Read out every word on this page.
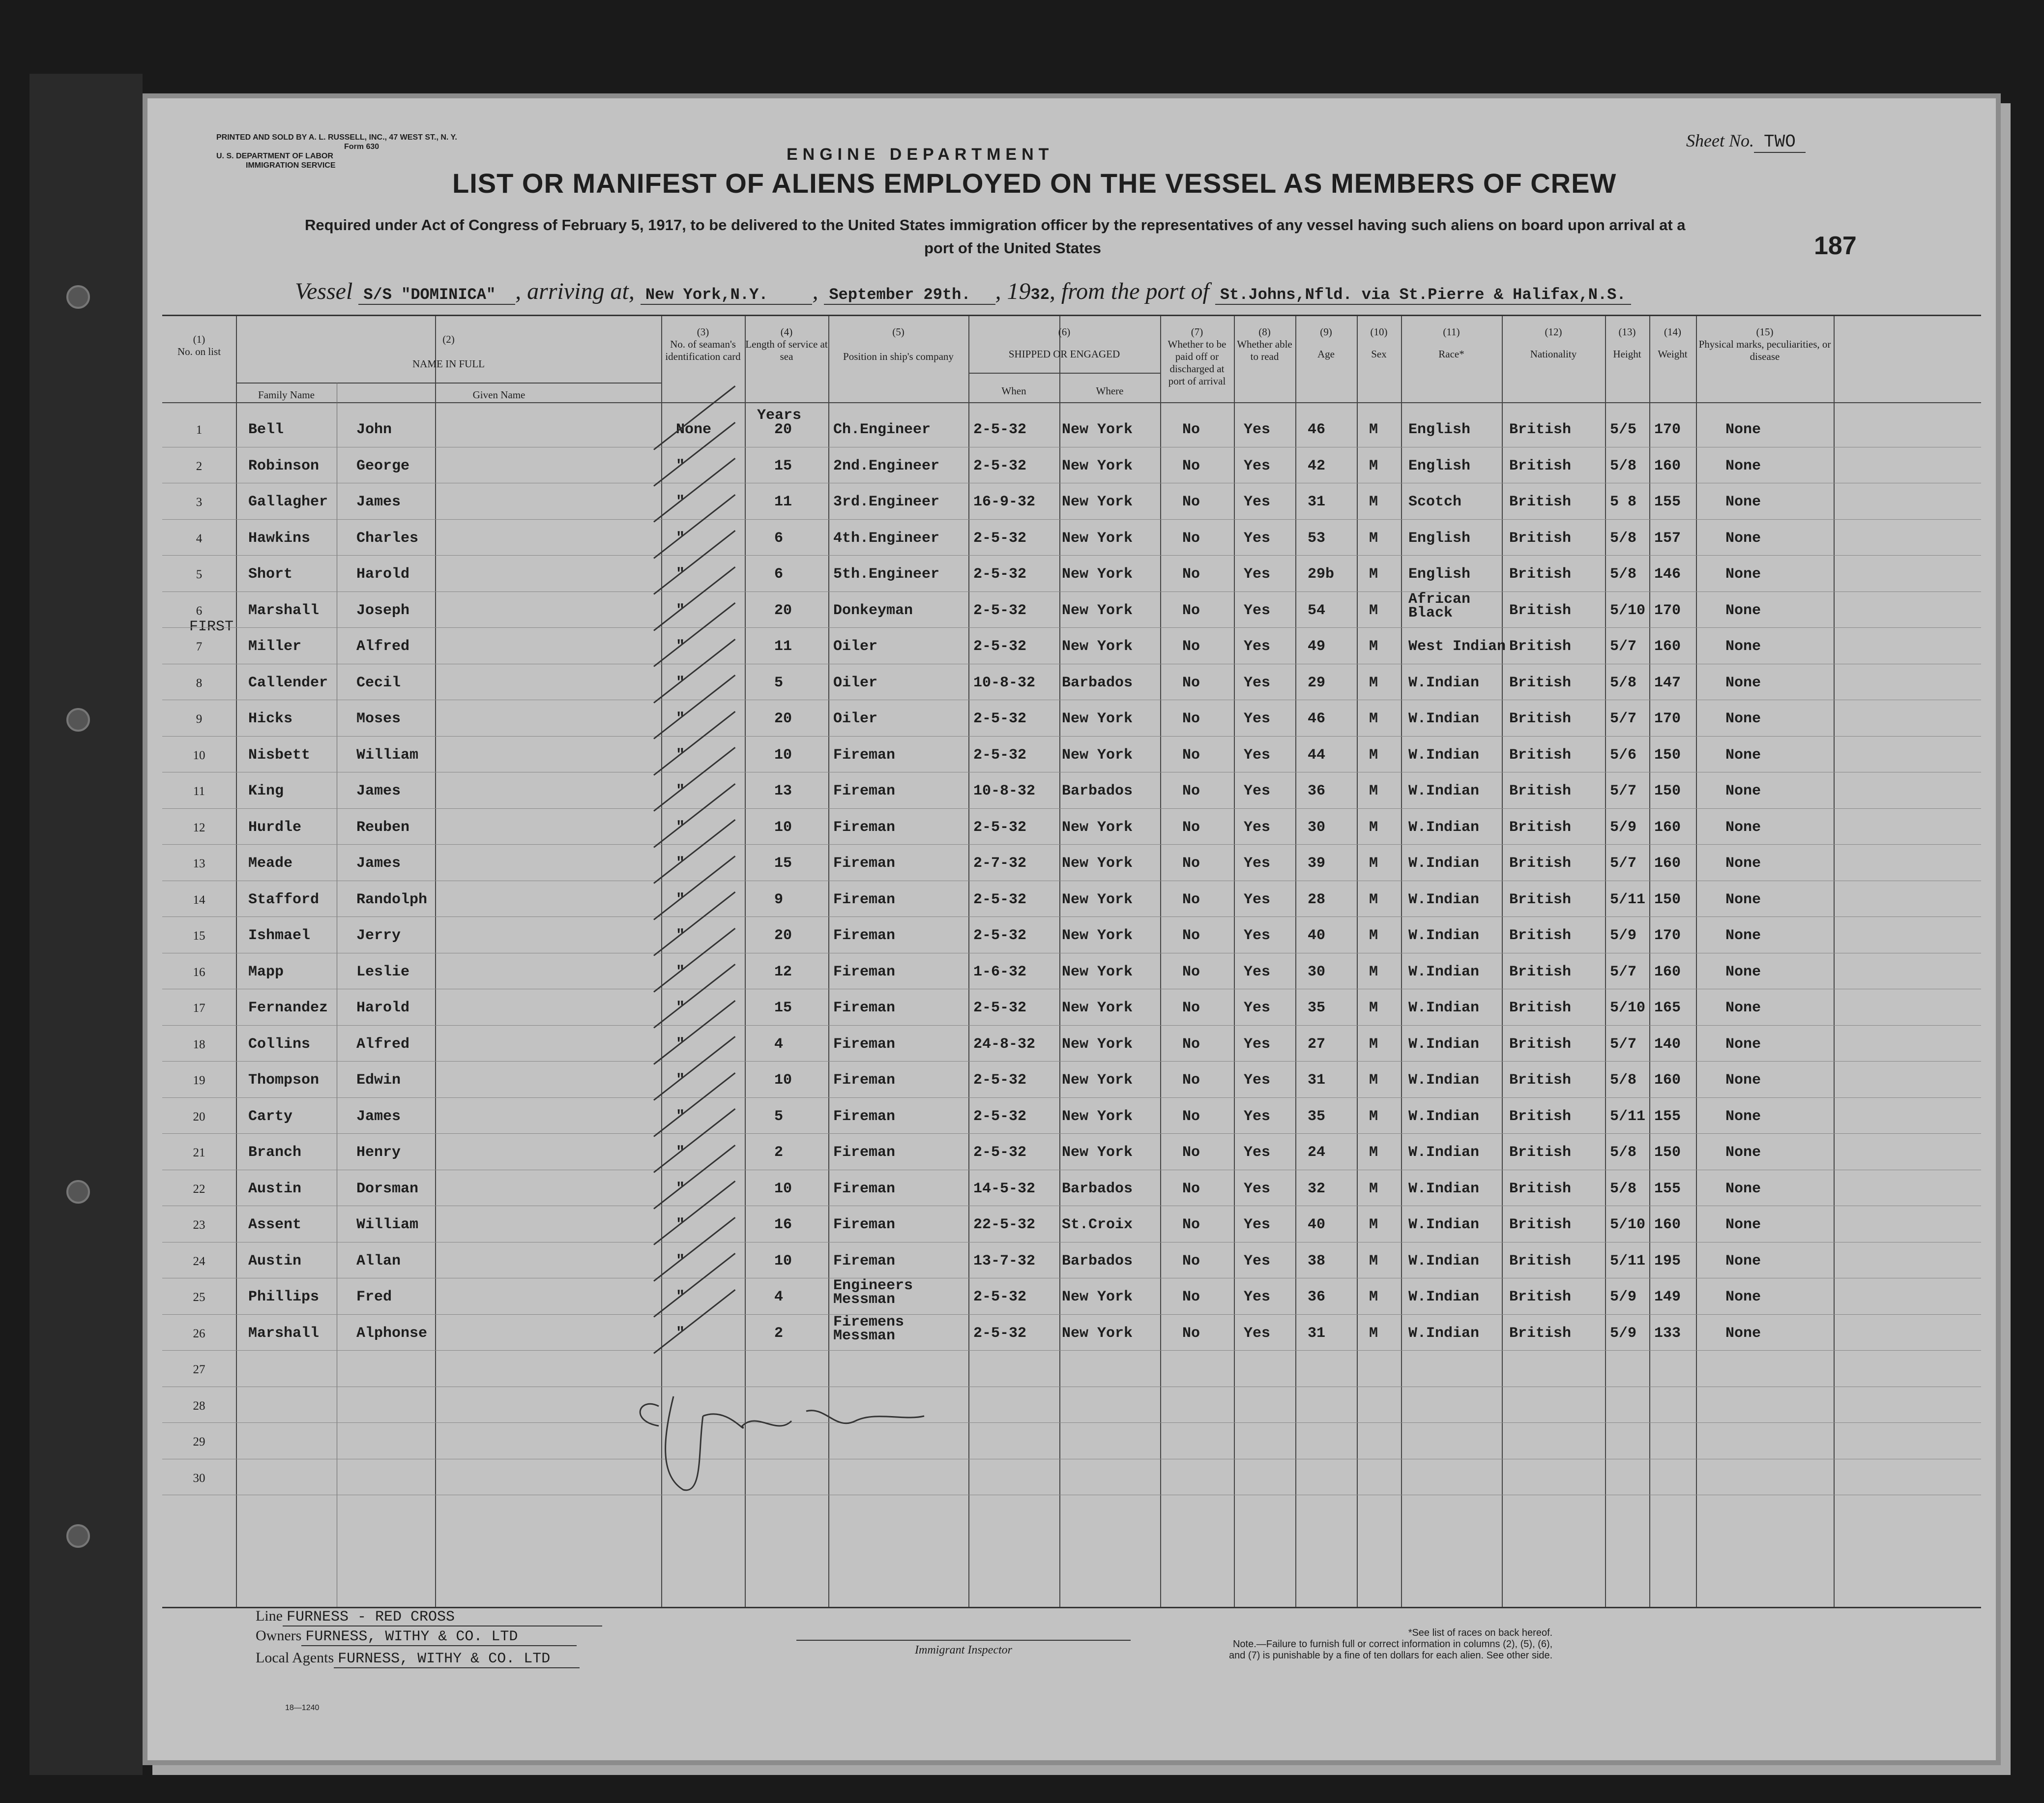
PRINTED AND SOLD BY A. L. RUSSELL, INC., 47 WEST ST., N. Y.
Form 630
U. S. DEPARTMENT OF LABOR
IMMIGRATION SERVICE
Sheet No. TWO
ENGINE DEPARTMENT
LIST OR MANIFEST OF ALIENS EMPLOYED ON THE VESSEL AS MEMBERS OF CREW
Required under Act of Congress of February 5, 1917, to be delivered to the United States immigration officer by the representatives of any vessel having such aliens on board upon arrival at a
port of the United States	187
Vessel S/S "DOMINICA" , arriving at, New York,N.Y. , September 29th. , 1932, from the port of St.Johns,Nfld. via St.Pierre & Halifax,N.S.
(1)
No. on list
(2)
NAME IN FULL
Family Name	Given Name
(3)
No. of seaman's identification card
(4)
Length of service at sea
(5)
Position in ship's company
(6)
SHIPPED OR ENGAGED
When	Where
(7)
Whether to be paid off or discharged at port of arrival
(8)
Whether able to read
(9)
Age
(10)
Sex
(11)
Race*
(12)
Nationality
(13)
Height
(14)
Weight
(15)
Physical marks, peculiarities, or disease
Years
FIRST
1	Bell	John	None	20	Ch.Engineer	2-5-32 New York	No	Yes	46	M English	British	5/5 170	None
2	Robinson	George	"	15	2nd.Engineer 2-5-32 New York	No	Yes	42	M English	British	5/8 160	None
3	Gallagher James	"	11	3rd.Engineer 16-9-32 New York	No	Yes	31	M Scotch	British	5 8 155	None
4	Hawkins	Charles	"	6	4th.Engineer 2-5-32 New York	No	Yes	53	M English	British	5/8 157	None
5	Short	Harold	"	6	5th.Engineer 2-5-32 New York	No	Yes	29b M English	British	5/8 146	None
6	Marshall	Joseph	"	20	Donkeyman	2-5-32 New York	No	Yes	54	M
African Black	British	5/10 170	None
7	Miller	Alfred	"	11	Oiler	2-5-32 New York	No	Yes	49	M West Indian British	5/7 160	None
8	Callender Cecil	"	5	Oiler	10-8-32 Barbados	No	Yes	29	M W.Indian British	5/8 147	None
9	Hicks	Moses	"	20	Oiler	2-5-32 New York	No	Yes	46	M W.Indian British	5/7 170	None
10	Nisbett	William	"	10	Fireman	2-5-32 New York	No	Yes	44	M W.Indian British	5/6 150	None
11	King	James	"	13	Fireman	10-8-32 Barbados	No	Yes	36	M W.Indian British	5/7 150	None
12	Hurdle	Reuben	"	10	Fireman	2-5-32 New York	No	Yes	30	M W.Indian British	5/9 160	None
13	Meade	James	"	15	Fireman	2-7-32 New York	No	Yes	39	M W.Indian British	5/7 160	None
14	Stafford	Randolph	"	9	Fireman	2-5-32 New York	No	Yes	28	M W.Indian British	5/11 150	None
15	Ishmael	Jerry	"	20	Fireman	2-5-32 New York	No	Yes	40	M W.Indian British	5/9 170	None
16	Mapp	Leslie	"	12	Fireman	1-6-32 New York	No	Yes	30	M W.Indian British	5/7 160	None
17	Fernandez Harold	"	15	Fireman	2-5-32 New York	No	Yes	35	M W.Indian British	5/10 165	None
18	Collins	Alfred	"	4	Fireman	24-8-32 New York	No	Yes	27	M W.Indian British	5/7 140	None
19	Thompson	Edwin	"	10	Fireman	2-5-32 New York	No	Yes	31	M W.Indian British	5/8 160	None
20	Carty	James	"	5	Fireman	2-5-32 New York	No	Yes	35	M W.Indian British	5/11 155	None
21	Branch	Henry	"	2	Fireman	2-5-32 New York	No	Yes	24	M W.Indian British	5/8 150	None
22	Austin	Dorsman	"	10	Fireman	14-5-32 Barbados	No	Yes	32	M W.Indian British	5/8 155	None
23	Assent	William	"	16	Fireman	22-5-32 St.Croix	No	Yes	40	M W.Indian British	5/10 160	None
24	Austin	Allan	"	10	Fireman	13-7-32 Barbados	No	Yes	38	M W.Indian British	5/11 195	None
25	Phillips	Fred	"	4
Engineers Messman	2-5-32 New York	No	Yes	36	M W.Indian British	5/9 149	None
26	Marshall	Alphonse	"	2
Firemens Messman	2-5-32 New York	No	Yes	31	M W.Indian British	5/9 133	None
27
28
29
30
Line FURNESS - RED CROSS
Owners FURNESS, WITHY & CO. LTD
Local Agents FURNESS, WITHY & CO. LTD
Immigrant Inspector
*See list of races on back hereof.
Note.—Failure to furnish full or correct information in columns (2), (5), (6),
and (7) is punishable by a fine of ten dollars for each alien. See other side.
18—1240
